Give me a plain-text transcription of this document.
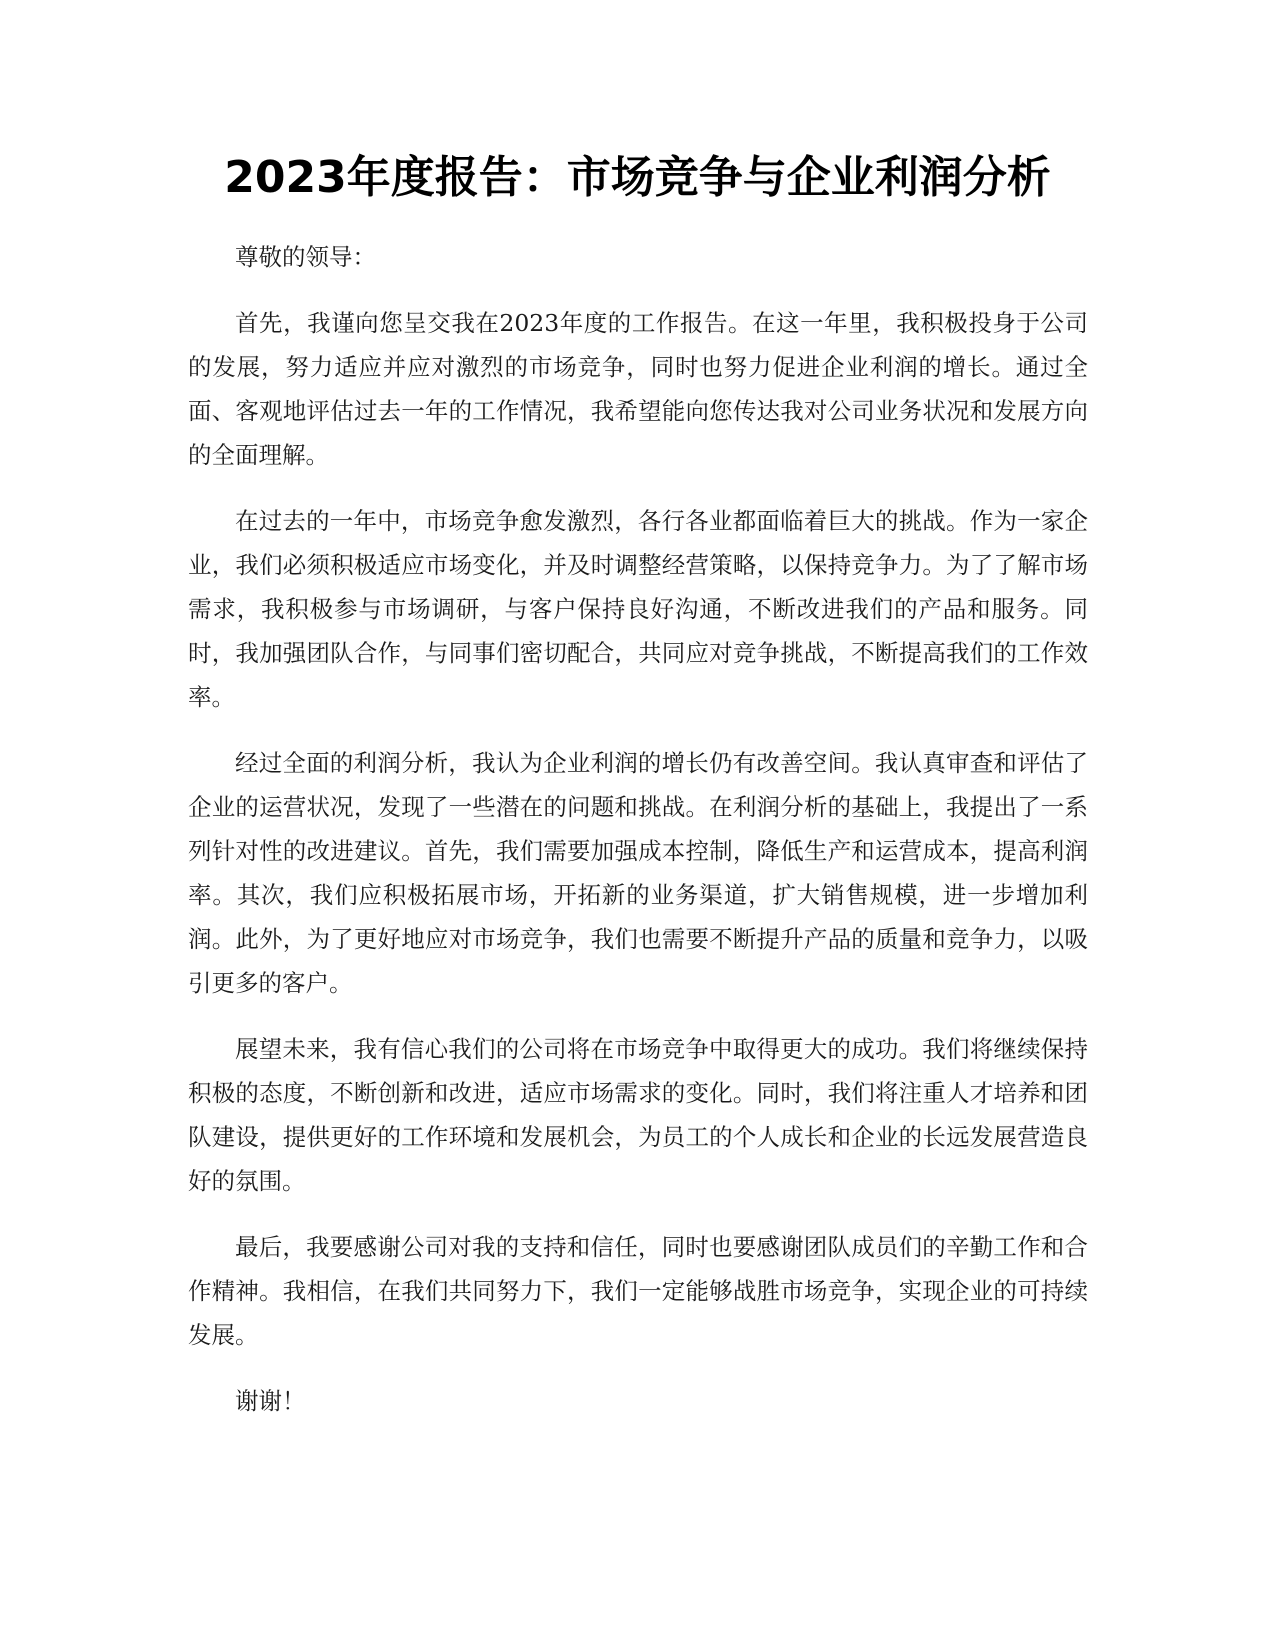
2023年度报告：市场竞争与企业利润分析

尊敬的领导：

首先，我谨向您呈交我在2023年度的工作报告。在这一年里，我积极投身于公司的发展，努力适应并应对激烈的市场竞争，同时也努力促进企业利润的增长。通过全面、客观地评估过去一年的工作情况，我希望能向您传达我对公司业务状况和发展方向的全面理解。

在过去的一年中，市场竞争愈发激烈，各行各业都面临着巨大的挑战。作为一家企业，我们必须积极适应市场变化，并及时调整经营策略，以保持竞争力。为了了解市场需求，我积极参与市场调研，与客户保持良好沟通，不断改进我们的产品和服务。同时，我加强团队合作，与同事们密切配合，共同应对竞争挑战，不断提高我们的工作效率。

经过全面的利润分析，我认为企业利润的增长仍有改善空间。我认真审查和评估了企业的运营状况，发现了一些潜在的问题和挑战。在利润分析的基础上，我提出了一系列针对性的改进建议。首先，我们需要加强成本控制，降低生产和运营成本，提高利润率。其次，我们应积极拓展市场，开拓新的业务渠道，扩大销售规模，进一步增加利润。此外，为了更好地应对市场竞争，我们也需要不断提升产品的质量和竞争力，以吸引更多的客户。

展望未来，我有信心我们的公司将在市场竞争中取得更大的成功。我们将继续保持积极的态度，不断创新和改进，适应市场需求的变化。同时，我们将注重人才培养和团队建设，提供更好的工作环境和发展机会，为员工的个人成长和企业的长远发展营造良好的氛围。

最后，我要感谢公司对我的支持和信任，同时也要感谢团队成员们的辛勤工作和合作精神。我相信，在我们共同努力下，我们一定能够战胜市场竞争，实现企业的可持续发展。

谢谢！
